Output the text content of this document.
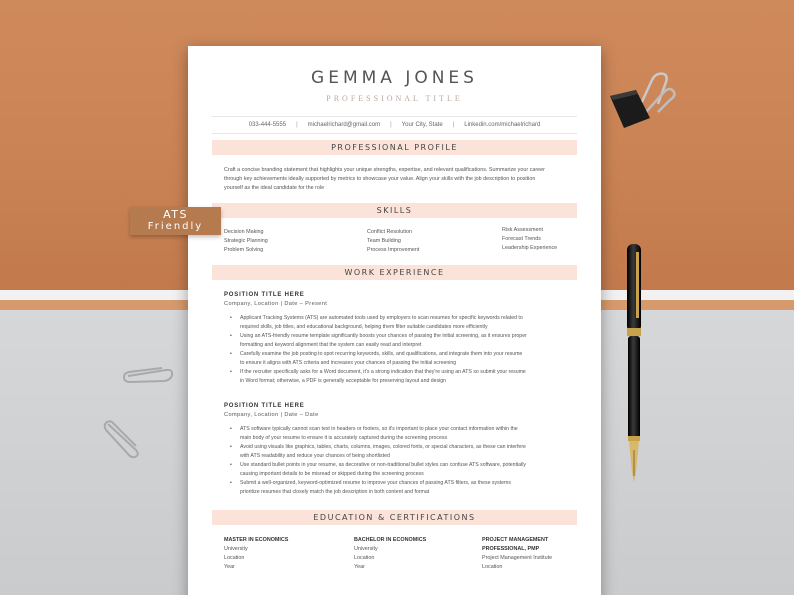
GEMMA JONES
PROFESSIONAL TITLE
033-444-5555 | michaelrichard@gmail.com | Your City, State | Linkedin.com/michaelrichard
PROFESSIONAL PROFILE
Craft a concise branding statement that highlights your unique strengths, expertise, and relevant qualifications. Summarize your career
through key achievements ideally supported by metrics to showcase your value. Align your skills with the job description to position
yourself as the ideal candidate for the role
SKILLS
Decision Making
Strategic Planning
Problem Solving
Conflict Resolution
Team Building
Process Improvement
Risk Assessment
Forecast Trends
Leadership Experience
WORK EXPERIENCE
POSITION TITLE HERE
Company, Location | Date – Present
• Applicant Tracking Systems (ATS) are automated tools used by employers to scan resumes for specific keywords related to
required skills, job titles, and educational background, helping them filter suitable candidates more efficiently
• Using an ATS-friendly resume template significantly boosts your chances of passing the initial screening, as it ensures proper
formatting and keyword alignment that the system can easily read and interpret
• Carefully examine the job posting to spot recurring keywords, skills, and qualifications, and integrate them into your resume
to ensure it aligns with ATS criteria and increases your chances of passing the initial screening
• If the recruiter specifically asks for a Word document, it's a strong indication that they're using an ATS so submit your resume
in Word format; otherwise, a PDF is generally acceptable for preserving layout and design
POSITION TITLE HERE
Company, Location | Date – Date
• ATS software typically cannot scan text in headers or footers, so it's important to place your contact information within the
main body of your resume to ensure it is accurately captured during the screening process
• Avoid using visuals like graphics, tables, charts, columns, images, colored fonts, or special characters, as these can interfere
with ATS readability and reduce your chances of being shortlisted
• Use standard bullet points in your resume, as decorative or non-traditional bullet styles can confuse ATS software, potentially
causing important details to be misread or skipped during the screening process
• Submit a well-organized, keyword-optimized resume to improve your chances of passing ATS filters, as these systems
prioritize resumes that closely match the job description in both content and format
EDUCATION & CERTIFICATIONS
MASTER IN ECONOMICS
University
Location
Year
BACHELOR IN ECONOMICS
University
Location
Year
PROJECT MANAGEMENT
PROFESSIONAL, PMP
Project Management Institute
Location
ATS
Friendly
